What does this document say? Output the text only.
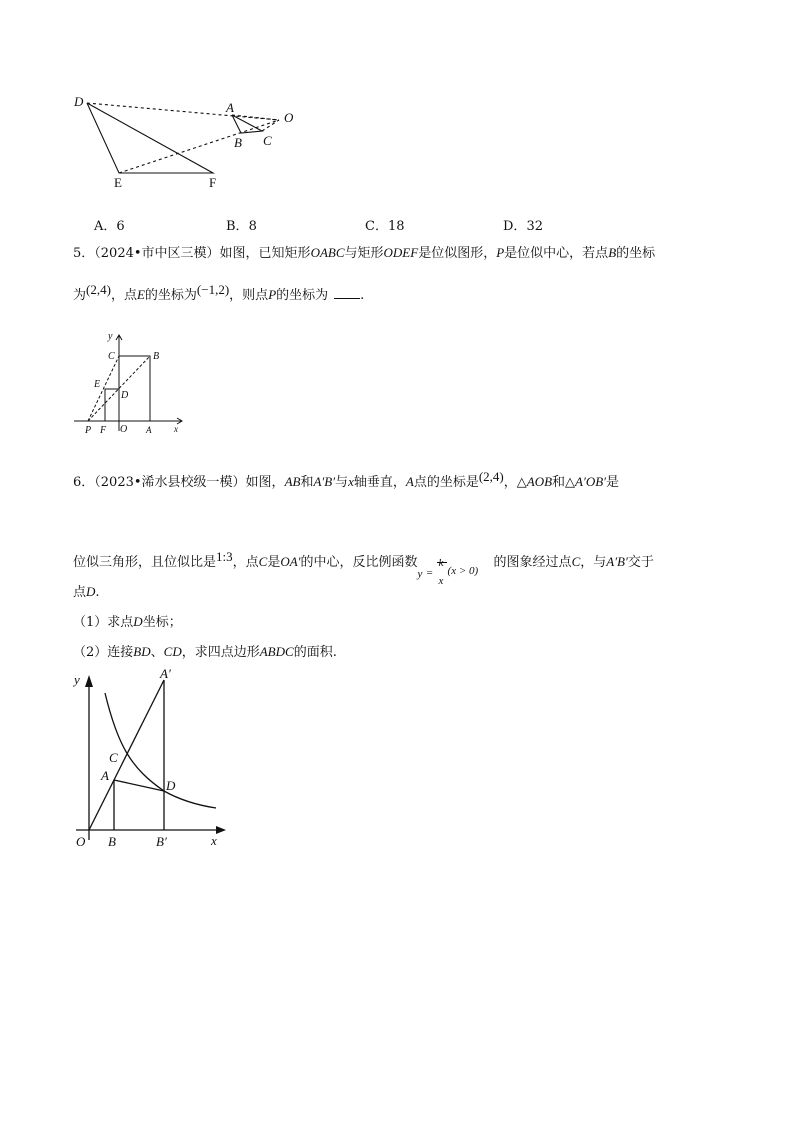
D	A
O
B C
E	F
A．6	B．8	C．18	D．32
5．（2024•市中区三模）如图，已知矩形OABC与矩形ODEF是位似图形，P是位似中心，若点B的坐标
为(2,4)，点E的坐标为(−1,2)，则点P的坐标为 .
y
C	B
E
D
P F O A	x
6．（2023•浠水县校级一模）如图，AB和A′B′与x轴垂直，A点的坐标是(2,4)，△AOB和△A′OB′是
位似三角形，且位似比是1:3，点C是OA′的中心，反比例函数
y =
k
x
(x > 0)
的图象经过点C，与A′B′交于
点D.
（1）求点D坐标；
（2）连接BD、CD，求四点边形ABDC的面积.
y	A′
C
A
D
O B	B′	x
